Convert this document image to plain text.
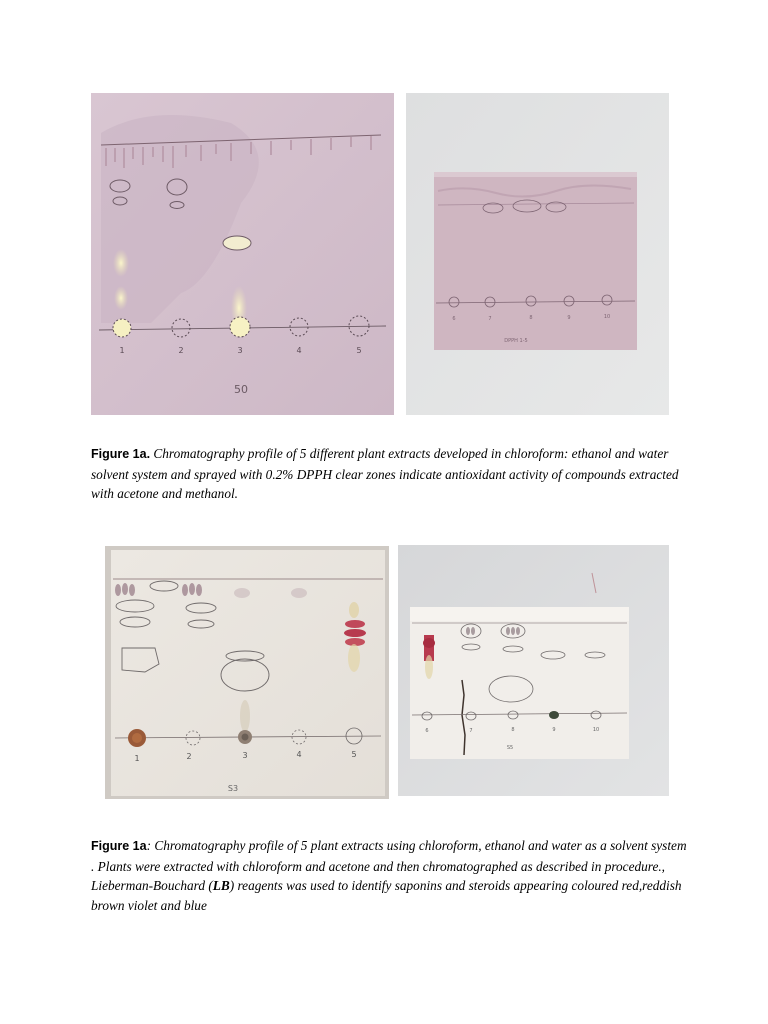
1	2	3	4	5
50
6	7	8	9	10
DPPH 1-5
Figure 1a. Chromatography profile of 5 different plant extracts developed in chloroform: ethanol and water solvent system and sprayed with 0.2% DPPH clear zones indicate antioxidant activity of compounds extracted with acetone and methanol.
1	2	3	4	5
S3
6	7	8	9	10
S5
Figure 1a: Chromatography profile of 5 plant extracts using chloroform, ethanol and water as a solvent system . Plants were extracted with chloroform and acetone and then chromatographed as described in procedure., Lieberman-Bouchard (LB) reagents was used to identify saponins and steroids appearing coloured red,reddish brown violet and blue
